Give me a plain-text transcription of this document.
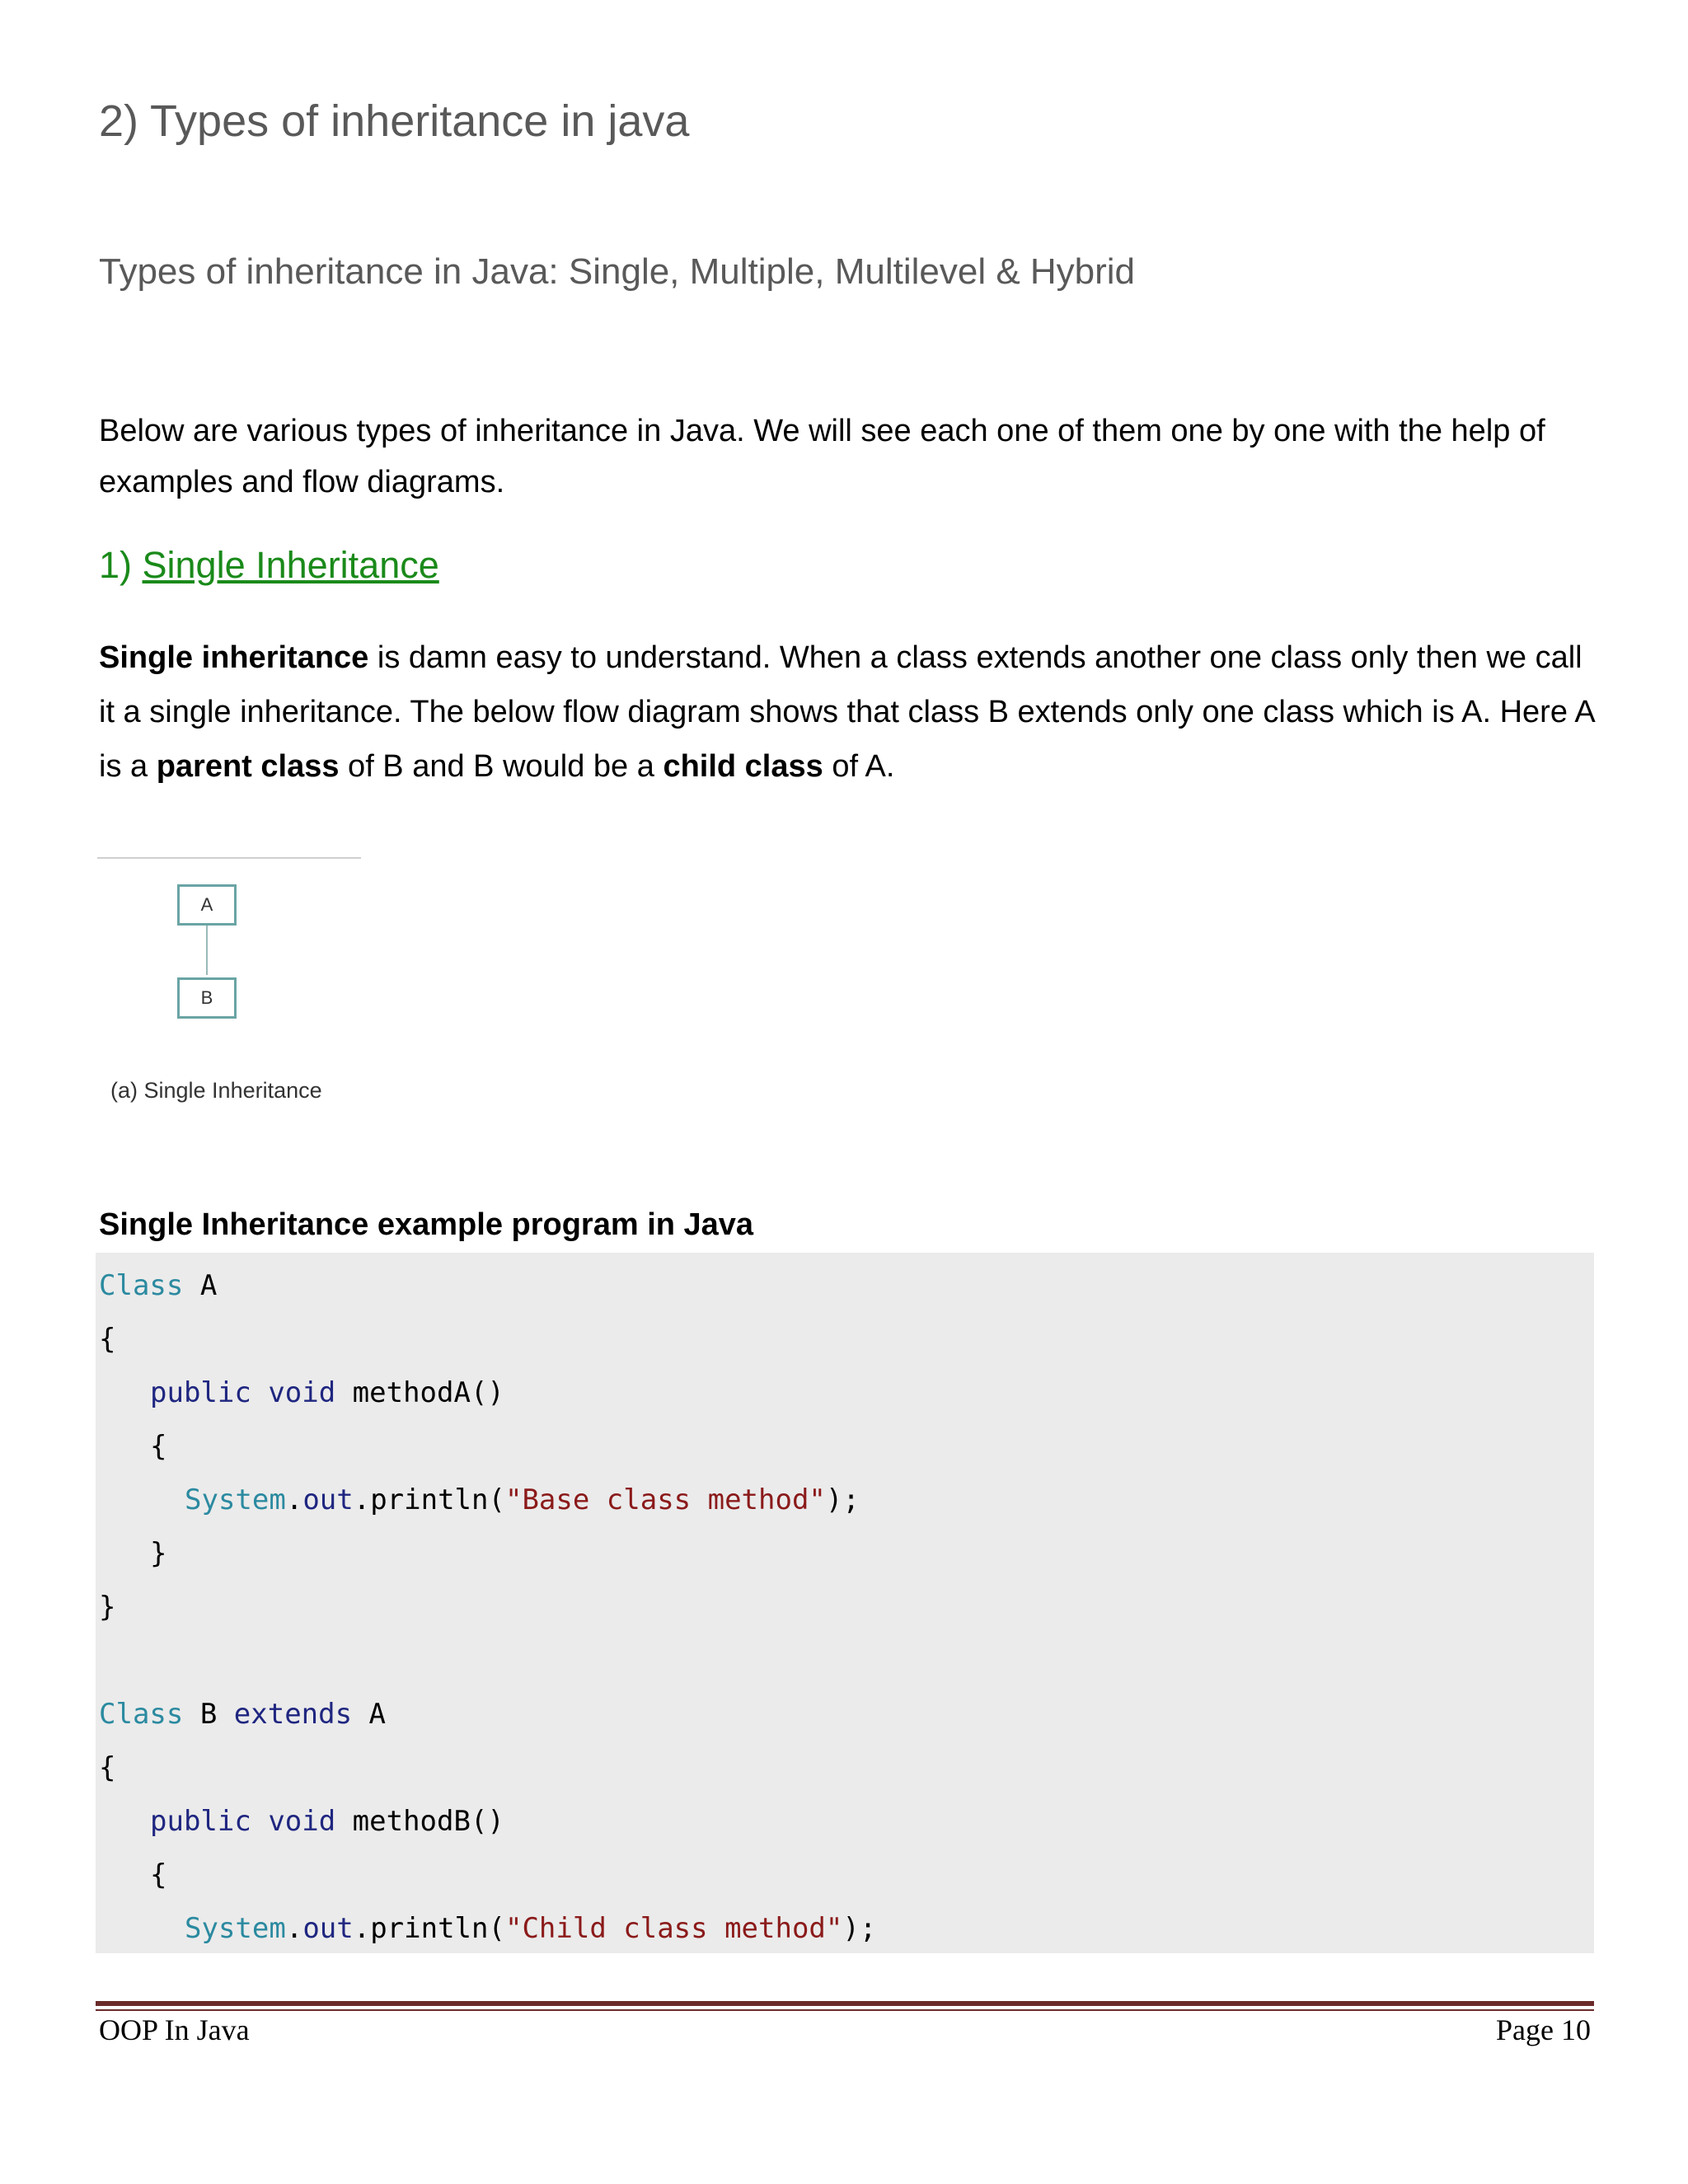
2) Types of inheritance in java
Types of inheritance in Java: Single, Multiple, Multilevel & Hybrid
Below are various types of inheritance in Java. We will see each one of them one by one with the help of examples and flow diagrams.
1) Single Inheritance
Single inheritance is damn easy to understand. When a class extends another one class only then we call it a single inheritance. The below flow diagram shows that class B extends only one class which is A. Here A is a parent class of B and B would be a child class of A.
A
B
(a) Single Inheritance
Single Inheritance example program in Java
Class A
{
public void methodA()
{
System.out.println("Base class method");
}
}
Class B extends A
{
public void methodB()
{
System.out.println("Child class method");
OOP In Java	Page 10
